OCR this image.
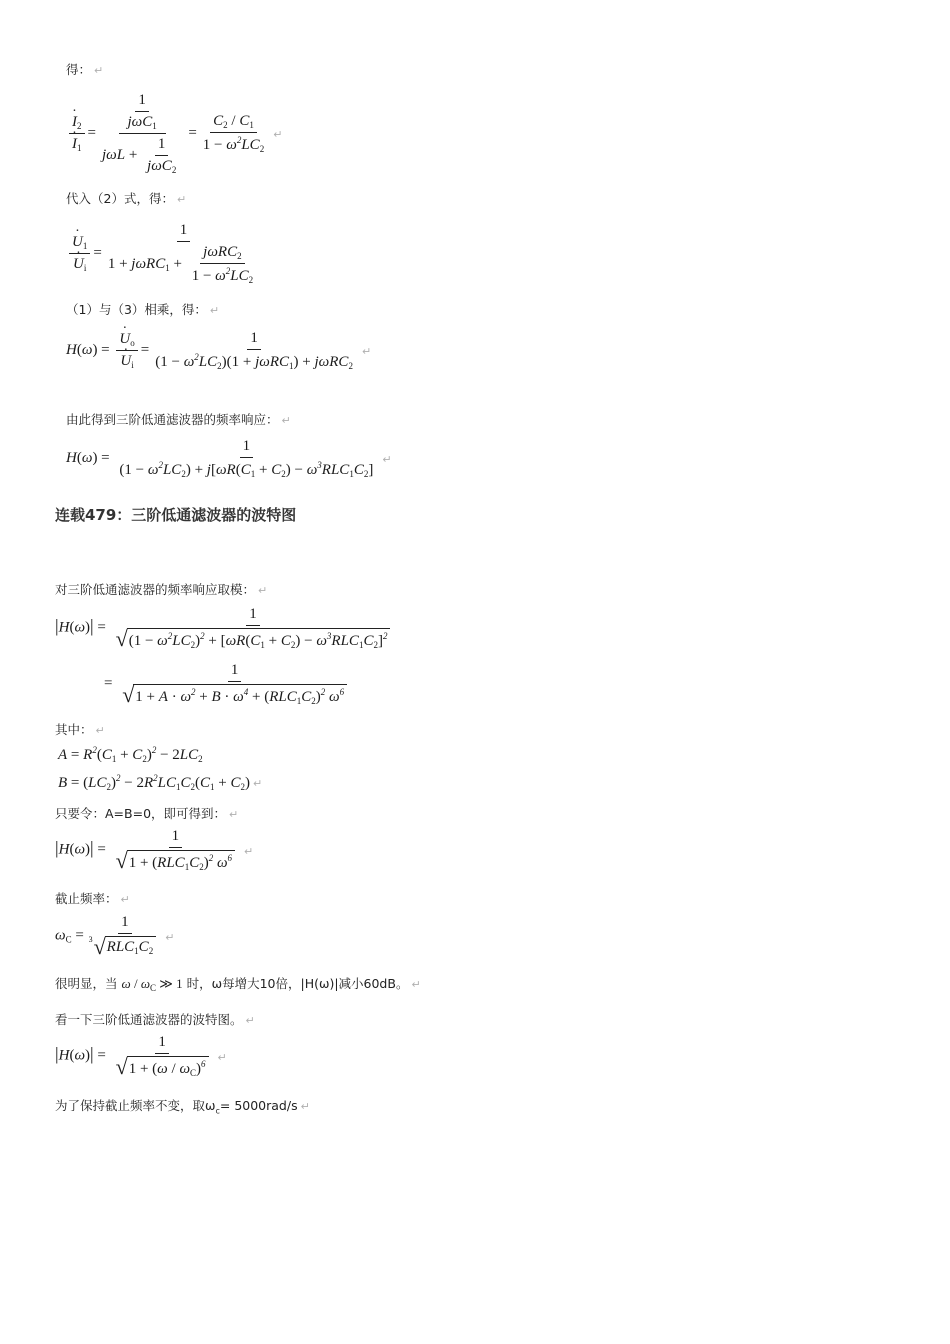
得： ↵
· $I_2$
· $I_1 = \frac{\frac{1}{j\omega C_1}}{j\omega L + \frac{1}{j\omega C_2}} = \frac{C_2 / C_1}{1 - \omega^2LC_2}$ ↵
代入（2）式，得： ↵
· $U_1$
· $U_i = \frac{1}{1 + j\omega RC_1 + \frac{j\omega RC_2}{1 - \omega^2LC_2}}$
（1）与（3）相乘，得： ↵
H(ω) =
· $U_o$
· $U_i = \frac{1}{(1 - \omega^2LC_2)(1 + j\omega RC_1) + j\omega RC_2}$ ↵
由此得到三阶低通滤波器的频率响应： ↵
$H(\omega) = \frac{1}{(1 - \omega^2LC_2) + j[\omega R(C_1 + C_2) - \omega^3RLC_1C_2]}$ ↵
连载479：三阶低通滤波器的波特图
对三阶低通滤波器的频率响应取模： ↵
$|H(\omega)| = \frac{1}{√ (1 - \omega^2LC_2)^2 + [\omega R(C_1 + C_2) - \omega^3RLC_1C_2]^2}$
= $\frac{1}{√ 1 + A \cdot \omega^2 + B \cdot \omega^4 + (RLC_1C_2)^2 \omega^6}$
其中： ↵
$A = R^2(C_1 + C_2)^2 - 2LC_2$
$B = (LC_2)^2 - 2R^2LC_1C_2(C_1 + C_2)$ ↵
只要令：A=B=0，即可得到： ↵
$|H(\omega)| = \frac{1}{√ 1 + (RLC_1C_2)^2 \omega^6}$ ↵
截止频率： ↵
$\omega_C = \frac{1}{3 √ RLC_1C_2}$ ↵
很明显，当 ω / $\omega_C$ ≫ 1 时，ω每增大10倍，|H(ω)|减小60dB。 ↵
看一下三阶低通滤波器的波特图。 ↵
$|H(\omega)| = \frac{1}{√ 1 + (\omega / \omega_C)^6}$ ↵
为了保持截止频率不变，取$\omega_c= 5000rad/s$ ↵
